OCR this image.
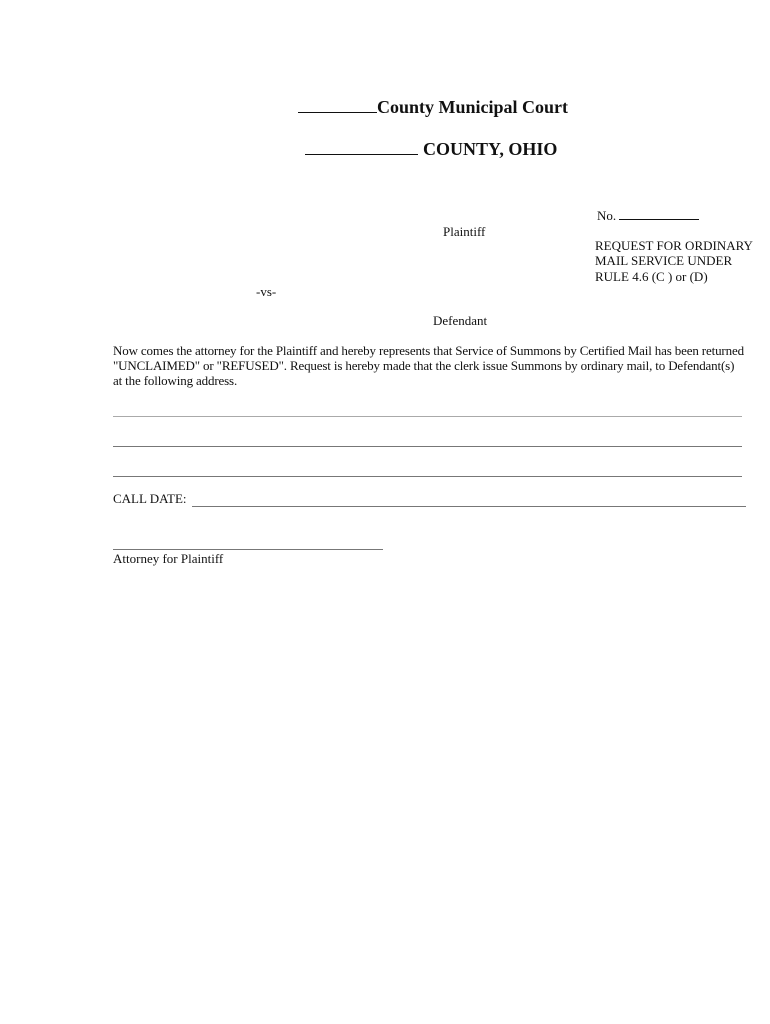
County Municipal Court
COUNTY, OHIO
No.
Plaintiff
REQUEST FOR ORDINARY
MAIL SERVICE UNDER
RULE 4.6 (C ) or (D)
-vs-
Defendant
Now comes the attorney for the Plaintiff and hereby represents that Service of Summons by Certified Mail has been returned
"UNCLAIMED" or "REFUSED". Request is hereby made that the clerk issue Summons by ordinary mail, to Defendant(s)
at the following address.
CALL DATE:
Attorney for Plaintiff
